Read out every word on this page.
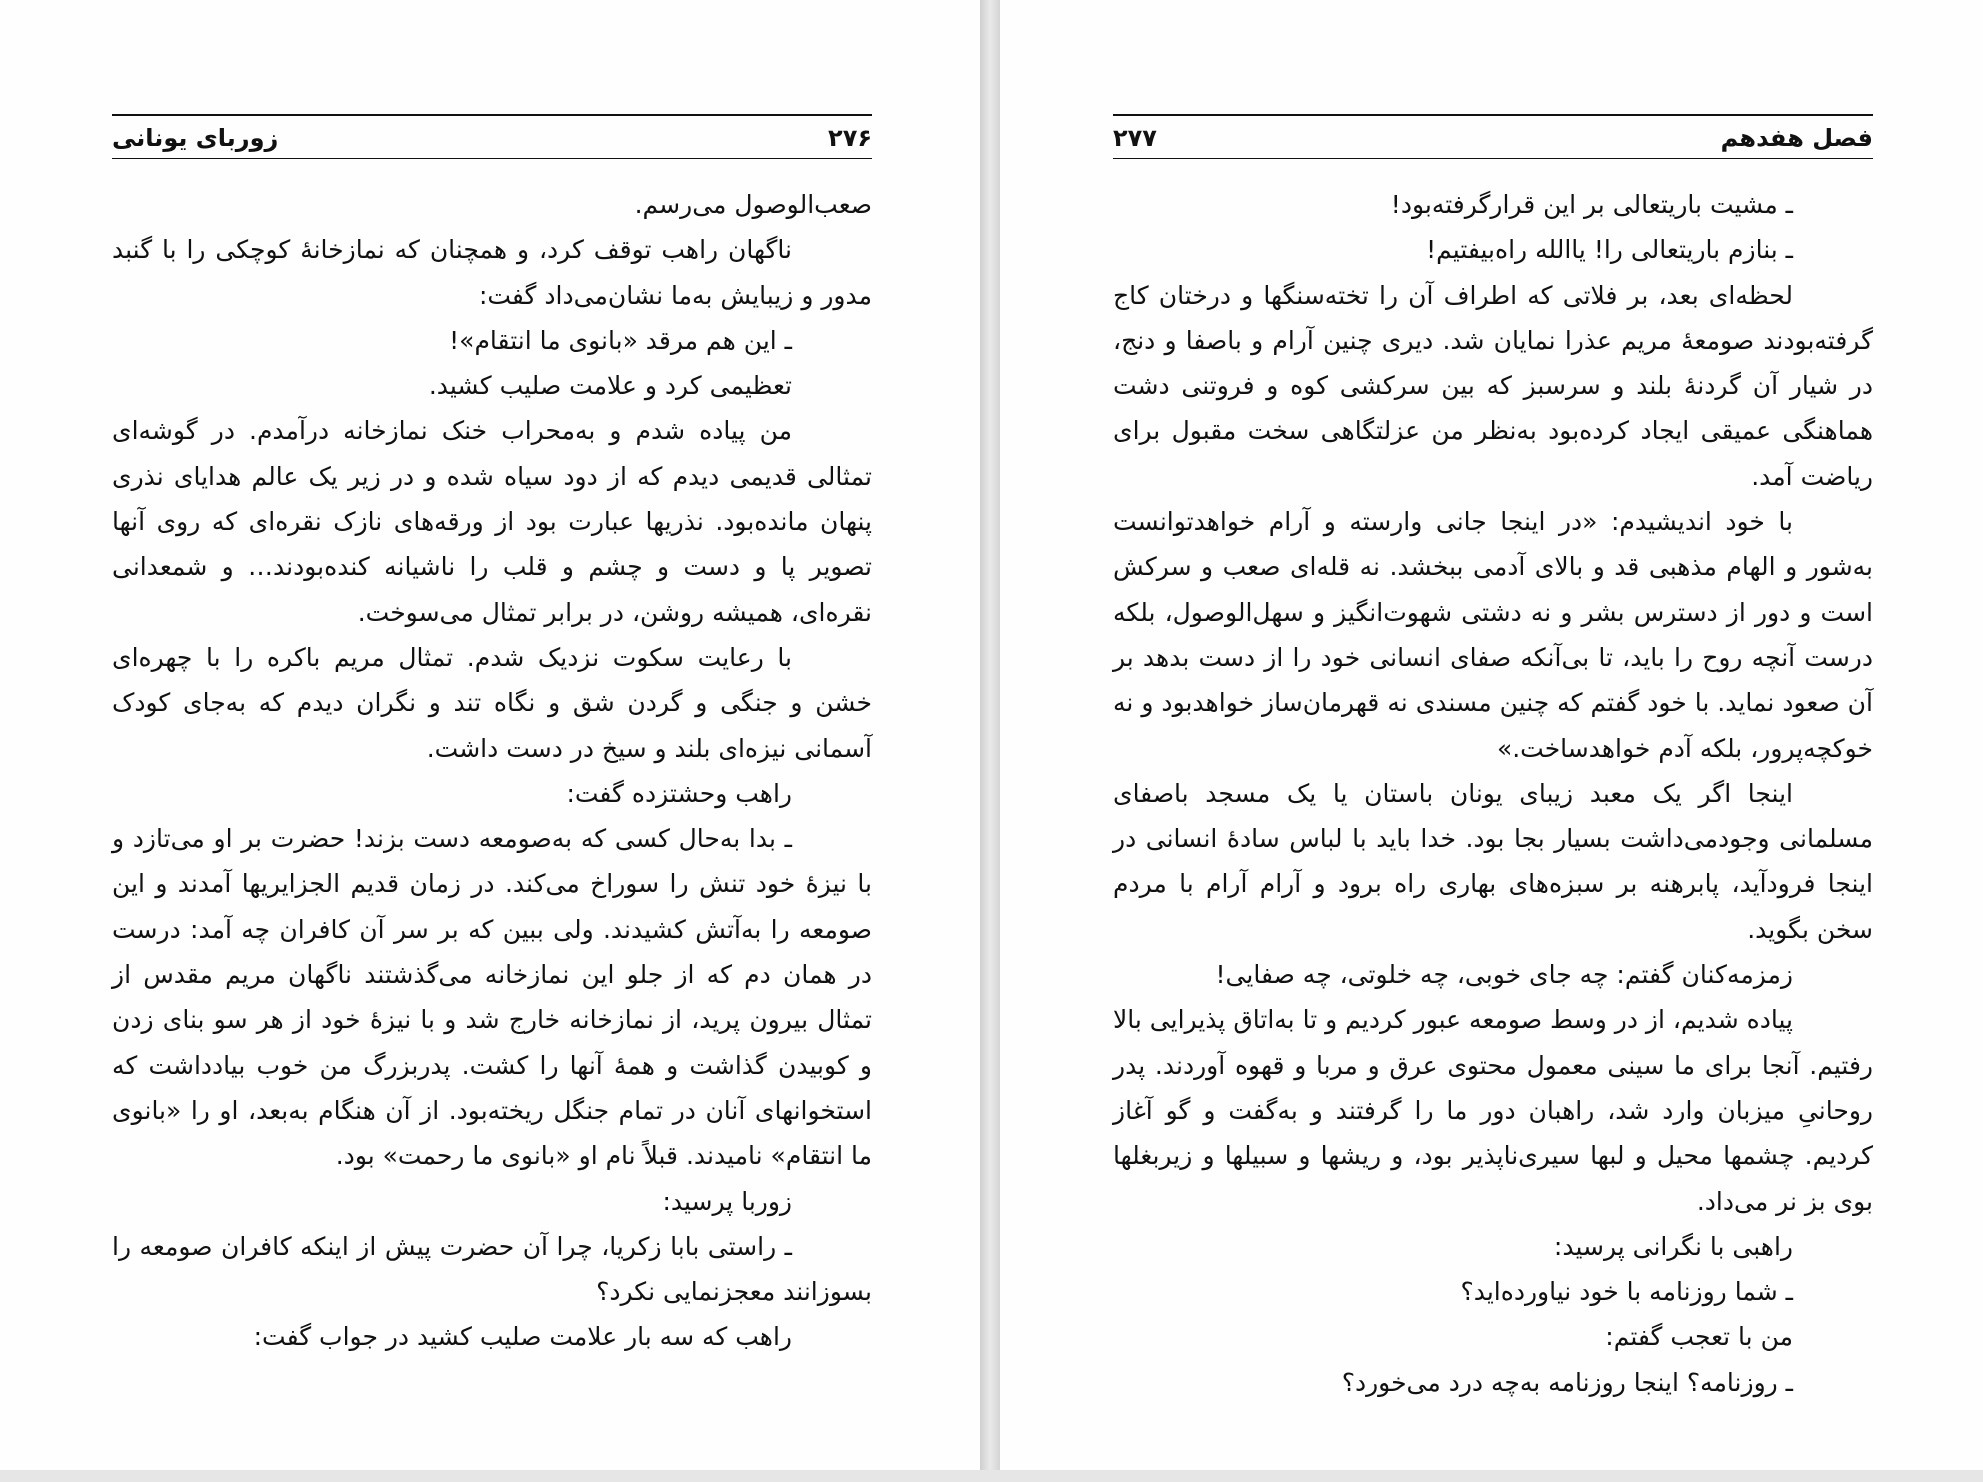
۲۷۶
زوربای یونانی

صعب‌الوصول می‌رسم.

ناگهان راهب توقف کرد، و همچنان که نمازخانهٔ کوچکی را با گنبد مدور و زیبایش به‌ما نشان‌می‌داد گفت:

ـ این هم مرقد «بانوی ما انتقام»!

تعظیمی کرد و علامت صلیب کشید.

من پیاده شدم و به‌محراب خنک نمازخانه درآمدم. در گوشه‌ای تمثالی قدیمی دیدم که از دود سیاه شده و در زیر یک عالم هدایای نذری پنهان مانده‌بود. نذریها عبارت بود از ورقه‌های نازک نقره‌ای که روی آنها تصویر پا و دست و چشم و قلب را ناشیانه کنده‌بودند… و شمعدانی نقره‌ای، همیشه روشن، در برابر تمثال می‌سوخت.

با رعایت سکوت نزدیک شدم. تمثال مریم باکره را با چهره‌ای خشن و جنگی و گردن شق و نگاه تند و نگران دیدم که به‌جای کودک آسمانی نیزه‌ای بلند و سیخ در دست داشت.

راهب وحشتزده گفت:

ـ بدا به‌حال کسی که به‌صومعه دست بزند! حضرت بر او می‌تازد و با نیزهٔ خود تنش را سوراخ می‌کند. در زمان قدیم الجزایریها آمدند و این صومعه را به‌آتش کشیدند. ولی ببین که بر سر آن کافران چه آمد: درست در همان دم که از جلو این نمازخانه می‌گذشتند ناگهان مریم مقدس از تمثال بیرون پرید، از نمازخانه خارج شد و با نیزهٔ خود از هر سو بنای زدن و کوبیدن گذاشت و همهٔ آنها را کشت. پدربزرگ من خوب بیادداشت که استخوانهای آنان در تمام جنگل ریخته‌بود. از آن هنگام به‌بعد، او را «بانوی ما انتقام» نامیدند. قبلاً نام او «بانوی ما رحمت» بود.

زوربا پرسید:

ـ راستی بابا زکریا، چرا آن حضرت پیش از اینکه کافران صومعه را بسوزانند معجزنمایی نکرد؟

راهب که سه بار علامت صلیب کشید در جواب گفت:

۲۷۷	فصل هفدهم

ـ مشیت باریتعالی بر این قرارگرفته‌بود!

ـ بنازم باریتعالی را! یاالله راه‌بیفتیم!

لحظه‌ای بعد، بر فلاتی که اطراف آن را تخته‌سنگها و درختان کاج گرفته‌بودند صومعهٔ مریم عذرا نمایان شد. دیری چنین آرام و باصفا و دنج، در شیار آن گردنهٔ بلند و سرسبز که بین سرکشی کوه و فروتنی دشت هماهنگی عمیقی ایجاد کرده‌بود به‌نظر من عزلتگاهی سخت مقبول برای ریاضت آمد.

با خود اندیشیدم: «در اینجا جانی وارسته و آرام خواهدتوانست به‌شور و الهام مذهبی قد و بالای آدمی ببخشد. نه قله‌ای صعب و سرکش است و دور از دسترس بشر و نه دشتی شهوت‌انگیز و سهل‌الوصول، بلکه درست آنچه روح را باید، تا بی‌آنکه صفای انسانی خود را از دست بدهد بر آن صعود نماید. با خود گفتم که چنین مسندی نه قهرمان‌ساز خواهدبود و نه خوکچه‌پرور، بلکه آدم خواهدساخت.»

اینجا اگر یک معبد زیبای یونان باستان یا یک مسجد باصفای مسلمانی وجودمی‌داشت بسیار بجا بود. خدا باید با لباس سادهٔ انسانی در اینجا فرودآید، پابرهنه بر سبزه‌های بهاری راه برود و آرام آرام با مردم سخن بگوید.

زمزمه‌کنان گفتم: چه جای خوبی، چه خلوتی، چه صفایی!

پیاده شدیم، از در وسط صومعه عبور کردیم و تا به‌اتاق پذیرایی بالا رفتیم. آنجا برای ما سینی معمول محتوی عرق و مربا و قهوه آوردند. پدر روحانیِ میزبان وارد شد، راهبان دور ما را گرفتند و به‌گفت و گو آغاز کردیم. چشمها محیل و لبها سیری‌ناپذیر بود، و ریشها و سبیلها و زیربغلها بوی بز نر می‌داد.

راهبی با نگرانی پرسید:

ـ شما روزنامه با خود نیاورده‌اید؟

من با تعجب گفتم:

ـ روزنامه؟ اینجا روزنامه به‌چه درد می‌خورد؟
